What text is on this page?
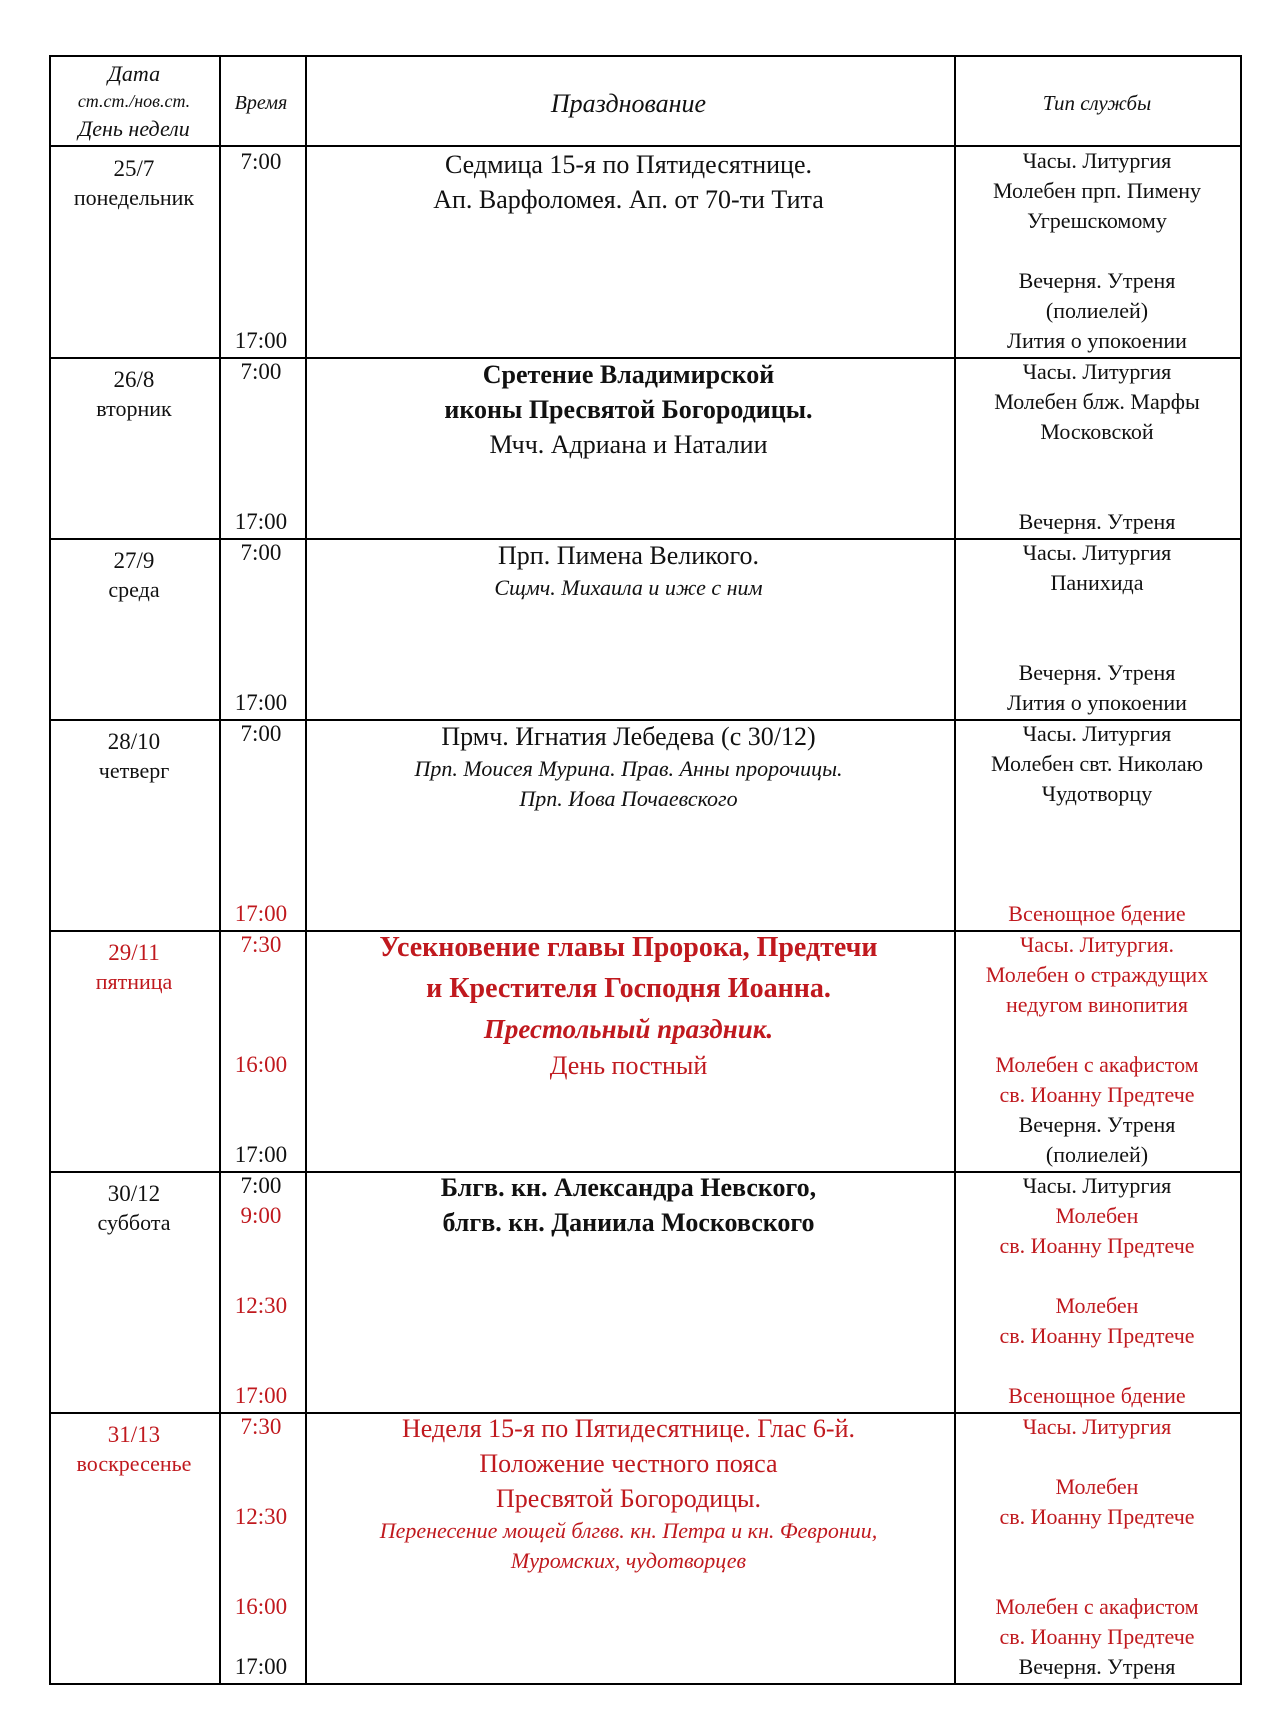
Дата
ст.ст./нов.ст.
День недели
Время	Празднование	Тип службы
25/7
понедельник
7:00
17:00
Седмица 15-я по Пятидесятнице.
Ап. Варфоломея. Ап. от 70-ти Тита
Часы. Литургия
Молебен прп. Пимену
Угрешскомому
Вечерня. Утреня
(полиелей)
Лития о упокоении
26/8
вторник
7:00
17:00
Сретение Владимирской
иконы Пресвятой Богородицы.
Мчч. Адриана и Наталии
Часы. Литургия
Молебен блж. Марфы
Московской
Вечерня. Утреня
27/9
среда
7:00
17:00
Прп. Пимена Великого.
Сщмч. Михаила и иже с ним
Часы. Литургия
Панихида
Вечерня. Утреня
Лития о упокоении
28/10
четверг
7:00
17:00
Прмч. Игнатия Лебедева (с 30/12)
Прп. Моисея Мурина. Прав. Анны пророчицы.
Прп. Иова Почаевского
Часы. Литургия
Молебен свт. Николаю
Чудотворцу
Всенощное бдение
29/11
пятница
7:30
16:00
17:00
Усекновение главы Пророка, Предтечи
и Крестителя Господня Иоанна.
Престольный праздник.
День постный
Часы. Литургия.
Молебен о страждущих
недугом винопития
Молебен с акафистом
св. Иоанну Предтече
Вечерня. Утреня
(полиелей)
30/12
суббота
7:00
9:00
12:30
17:00
Блгв. кн. Александра Невского,
блгв. кн. Даниила Московского
Часы. Литургия
Молебен
св. Иоанну Предтече
Молебен
св. Иоанну Предтече
Всенощное бдение
31/13
воскресенье
7:30
12:30
16:00
17:00
Неделя 15-я по Пятидесятнице. Глас 6-й.
Положение честного пояса
Пресвятой Богородицы.
Перенесение мощей блгвв. кн. Петра и кн. Февронии,
Муромских, чудотворцев
Часы. Литургия
Молебен
св. Иоанну Предтече
Молебен с акафистом
св. Иоанну Предтече
Вечерня. Утреня
